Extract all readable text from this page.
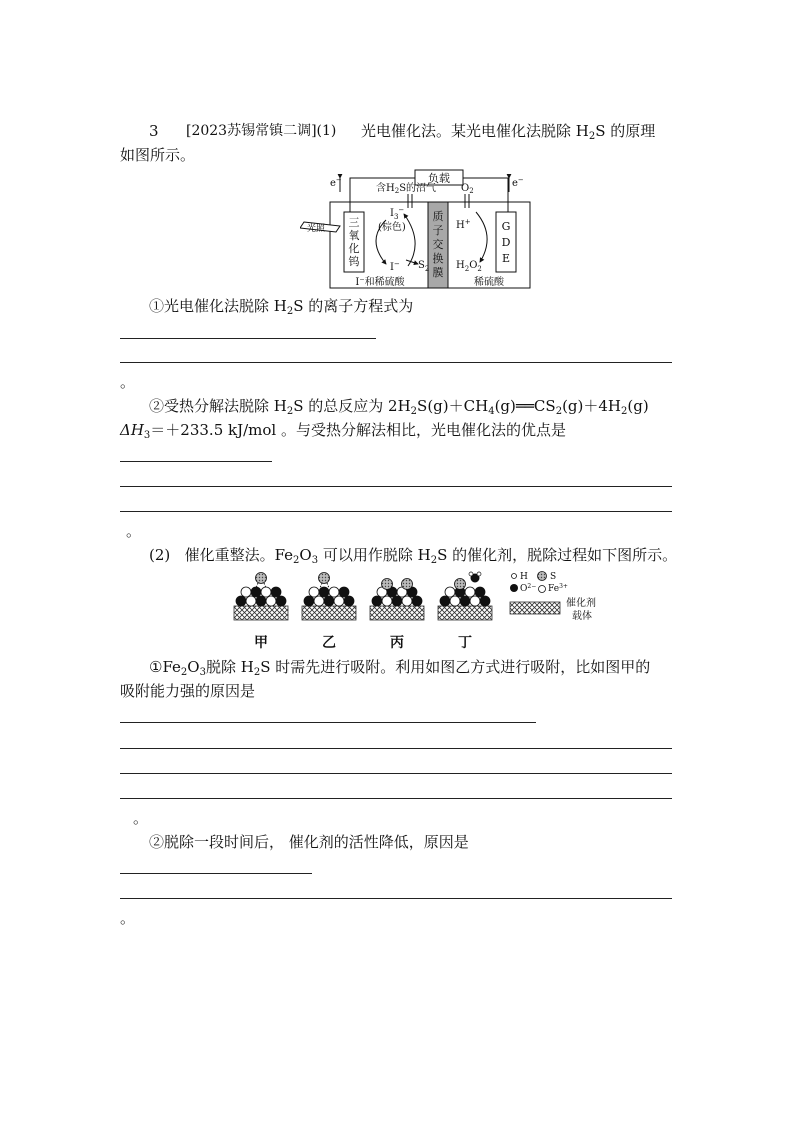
3 [2023苏锡常镇二调](1) 光电催化法。某光电催化法脱除 $H_2S$ 的原理
如图所示。
负载
e−	e−
含$H_2S$的沼气 $O_2$
三
氧
化
钨
光照
质
子
交
换
膜
$I_3^-$
(棕色)
I− $S_2$
H+
$H_2O_2$
G
D
E
I⁻和稀硫酸	稀硫酸
①光电催化法脱除 $H_2S$ 的离子方程式为
。
②受热分解法脱除 $H_2S$ 的总反应为 $2H_2S(g)+CH_4(g)══CS_2(g)+4H_2(g)$
$\Delta H_3=+233.5$ kJ/mol 。与受热分解法相比，光电催化法的优点是
。
(2) 催化重整法。$Fe_2O_3$ 可以用作脱除 $H_2S$ 的催化剂，脱除过程如下图所示。
甲	乙	丙	丁
H S
$O^{2-}$ $Fe^{3+}$
催化剂
载体
$①Fe_2O_3$脱除 $H_2S$ 时需先进行吸附。利用如图乙方式进行吸附，比如图甲的
吸附能力强的原因是
。
②脱除一段时间后， 催化剂的活性降低，原因是
。
